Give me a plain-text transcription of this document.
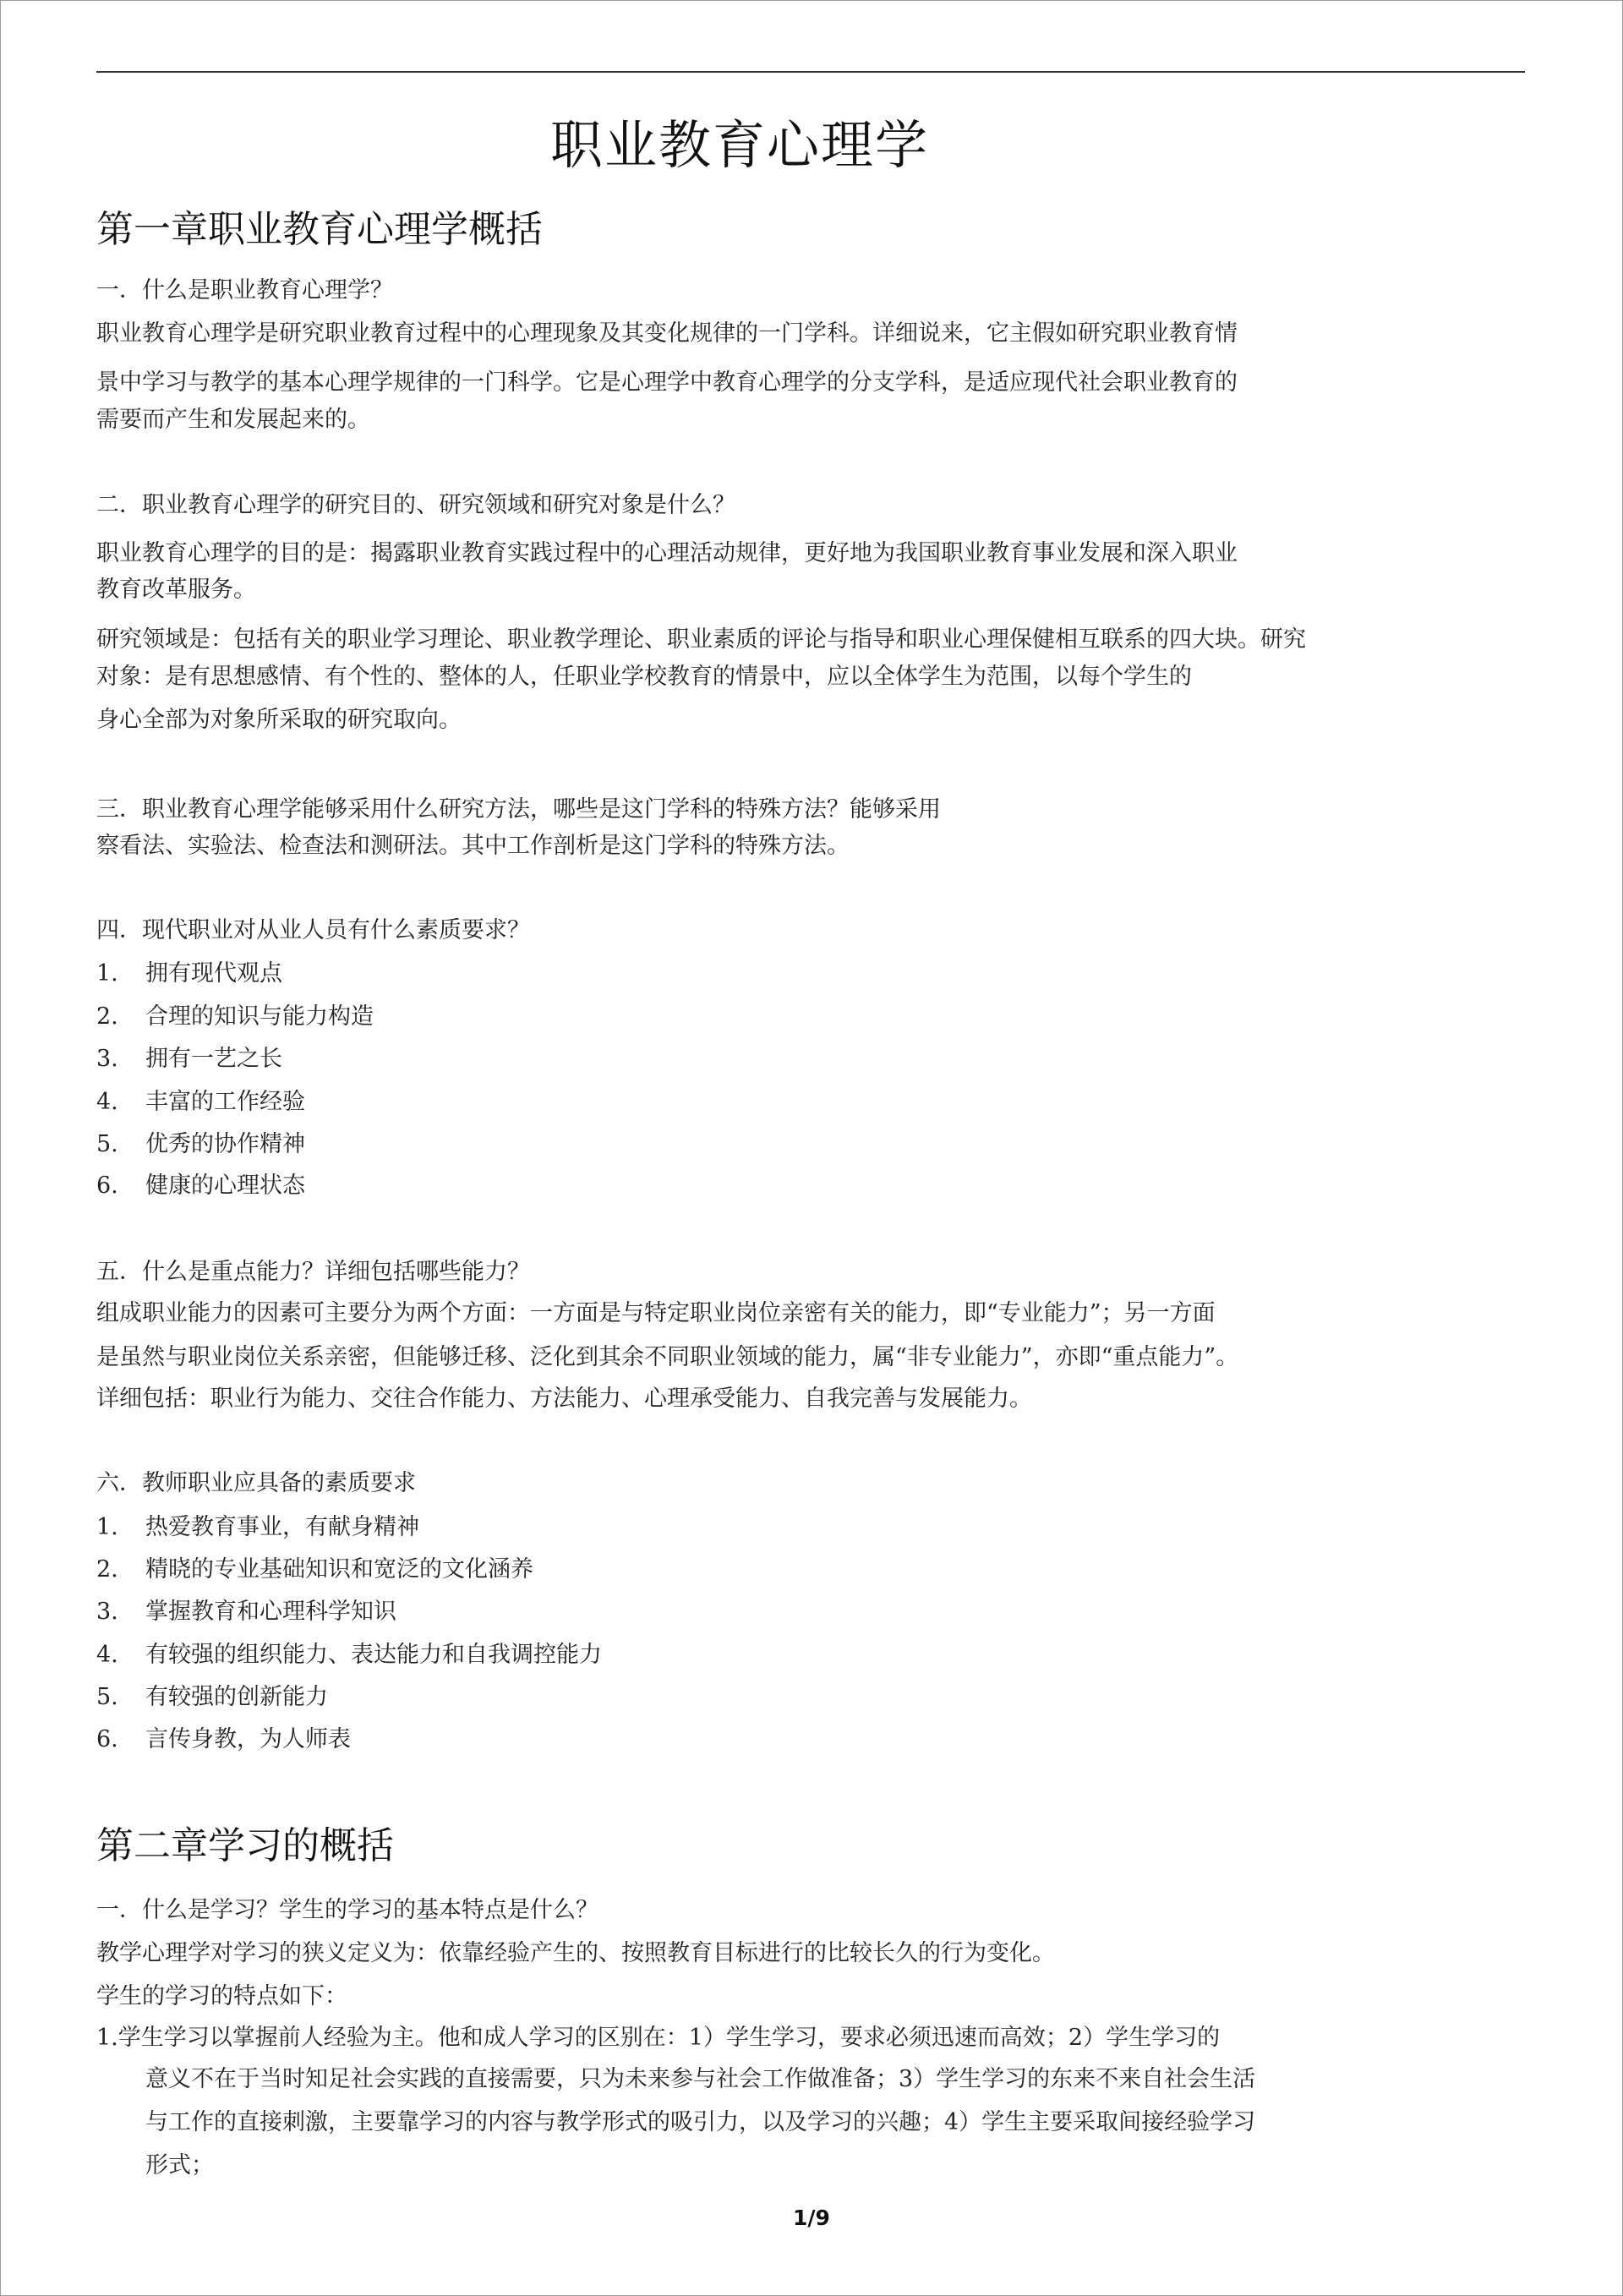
职业教育心理学
第一章职业教育心理学概括
一．什么是职业教育心理学？
职业教育心理学是研究职业教育过程中的心理现象及其变化规律的一门学科。详细说来，它主假如研究职业教育情
景中学习与教学的基本心理学规律的一门科学。它是心理学中教育心理学的分支学科，是适应现代社会职业教育的
需要而产生和发展起来的。
二．职业教育心理学的研究目的、研究领域和研究对象是什么？
职业教育心理学的目的是：揭露职业教育实践过程中的心理活动规律，更好地为我国职业教育事业发展和深入职业
教育改革服务。
研究领域是：包括有关的职业学习理论、职业教学理论、职业素质的评论与指导和职业心理保健相互联系的四大块。研究
对象：是有思想感情、有个性的、整体的人，任职业学校教育的情景中，应以全体学生为范围，以每个学生的
身心全部为对象所采取的研究取向。
三．职业教育心理学能够采用什么研究方法，哪些是这门学科的特殊方法？能够采用
察看法、实验法、检查法和测研法。其中工作剖析是这门学科的特殊方法。
四．现代职业对从业人员有什么素质要求？
1. 拥有现代观点
2. 合理的知识与能力构造
3. 拥有一艺之长
4. 丰富的工作经验
5. 优秀的协作精神
6. 健康的心理状态
五．什么是重点能力？详细包括哪些能力？
组成职业能力的因素可主要分为两个方面：一方面是与特定职业岗位亲密有关的能力，即“专业能力”；另一方面
是虽然与职业岗位关系亲密，但能够迁移、泛化到其余不同职业领域的能力，属“非专业能力”，亦即“重点能力”。
详细包括：职业行为能力、交往合作能力、方法能力、心理承受能力、自我完善与发展能力。
六．教师职业应具备的素质要求
1. 热爱教育事业，有献身精神
2. 精晓的专业基础知识和宽泛的文化涵养
3. 掌握教育和心理科学知识
4. 有较强的组织能力、表达能力和自我调控能力
5. 有较强的创新能力
6. 言传身教，为人师表
第二章学习的概括
一．什么是学习？学生的学习的基本特点是什么？
教学心理学对学习的狭义定义为：依靠经验产生的、按照教育目标进行的比较长久的行为变化。
学生的学习的特点如下：
1.学生学习以掌握前人经验为主。他和成人学习的区别在：1）学生学习，要求必须迅速而高效；2）学生学习的
意义不在于当时知足社会实践的直接需要，只为未来参与社会工作做准备；3）学生学习的东来不来自社会生活
与工作的直接刺激，主要靠学习的内容与教学形式的吸引力，以及学习的兴趣；4）学生主要采取间接经验学习
形式；
1/9
